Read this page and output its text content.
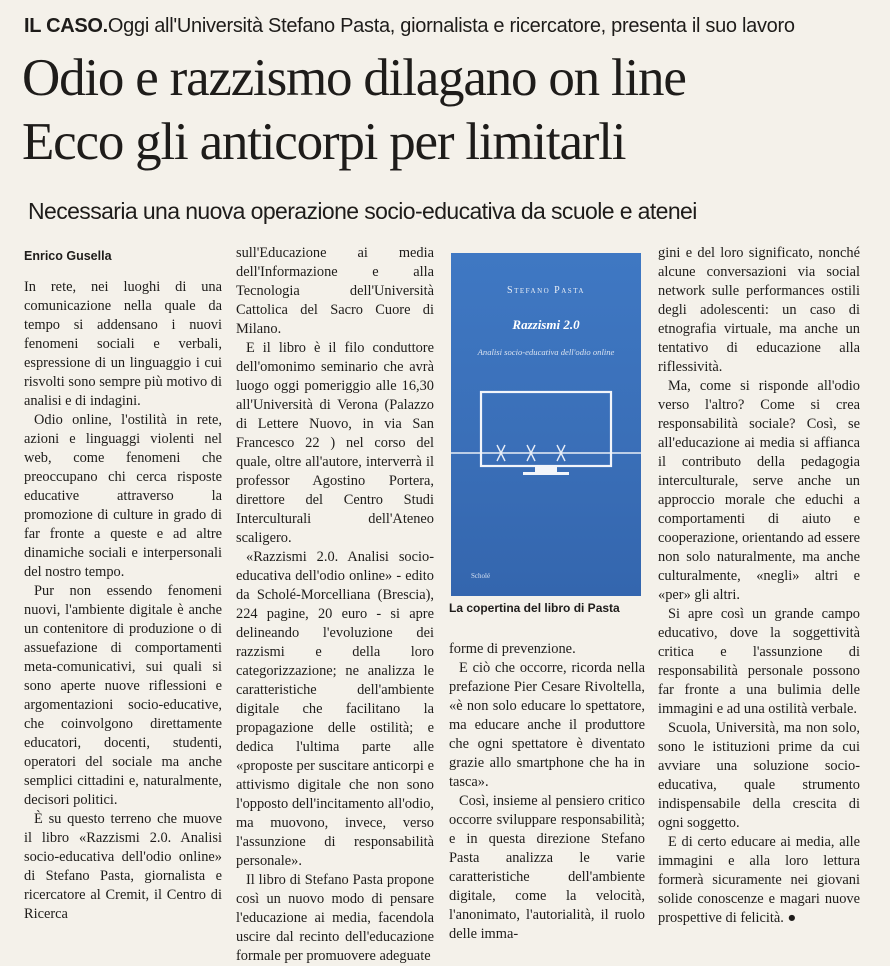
IL CASO.Oggi all'Università Stefano Pasta, giornalista e ricercatore, presenta il suo lavoro
Odio e razzismo dilagano on line
Ecco gli anticorpi per limitarli
Necessaria una nuova operazione socio-educativa da scuole e atenei
Enrico Gusella

In rete, nei luoghi di una comunicazione nella quale da tempo si addensano i nuovi fenomeni sociali e verbali, espressione di un linguaggio i cui risvolti sono sempre più motivo di analisi e di indagini.

Odio online, l'ostilità in rete, azioni e linguaggi violenti nel web, come fenomeni che preoccupano chi cerca risposte educative attraverso la promozione di culture in grado di far fronte a queste e ad altre dinamiche sociali e interpersonali del nostro tempo.

Pur non essendo fenomeni nuovi, l'ambiente digitale è anche un contenitore di produzione o di assuefazione di comportamenti meta-comunicativi, sui quali si sono aperte nuove riflessioni e argomentazioni socio-educative, che coinvolgono direttamente educatori, docenti, studenti, operatori del sociale ma anche semplici cittadini e, naturalmente, decisori politici.

È su questo terreno che muove il libro «Razzismi 2.0. Analisi socio-educativa dell'odio online» di Stefano Pasta, giornalista e ricercatore al Cremit, il Centro di Ricerca

sull'Educazione ai media dell'Informazione e alla Tecnologia dell'Università Cattolica del Sacro Cuore di Milano.

E il libro è il filo conduttore dell'omonimo seminario che avrà luogo oggi pomeriggio alle 16,30 all'Università di Verona (Palazzo di Lettere Nuovo, in via San Francesco 22 ) nel corso del quale, oltre all'autore, interverrà il professor Agostino Portera, direttore del Centro Studi Interculturali dell'Ateneo scaligero.

«Razzismi 2.0. Analisi socio-educativa dell'odio online» - edito da Scholé-Morcelliana (Brescia), 224 pagine, 20 euro - si apre delineando l'evoluzione dei razzismi e della loro categorizzazione; ne analizza le caratteristiche dell'ambiente digitale che facilitano la propagazione delle ostilità; e dedica l'ultima parte alle «proposte per suscitare anticorpi e attivismo digitale che non sono l'opposto dell'incitamento all'odio, ma muovono, invece, verso l'assunzione di responsabilità personale».

Il libro di Stefano Pasta propone così un nuovo modo di pensare l'educazione ai media, facendola uscire dal recinto dell'educazione formale per promuovere adeguate

Stefano Pasta
Razzismi 2.0
Analisi socio-educativa dell'odio online
Scholé
La copertina del libro di Pasta

forme di prevenzione.

E ciò che occorre, ricorda nella prefazione Pier Cesare Rivoltella, «è non solo educare lo spettatore, ma educare anche il produttore che ogni spettatore è diventato grazie allo smartphone che ha in tasca».

Così, insieme al pensiero critico occorre sviluppare responsabilità; e in questa direzione Stefano Pasta analizza le varie caratteristiche dell'ambiente digitale, come la velocità, l'anonimato, l'autorialità, il ruolo delle imma-

gini e del loro significato, nonché alcune conversazioni via social network sulle performances ostili degli adolescenti: un caso di etnografia virtuale, ma anche un tentativo di educazione alla riflessività.

Ma, come si risponde all'odio verso l'altro? Come si crea responsabilità sociale? Così, se all'educazione ai media si affianca il contributo della pedagogia interculturale, serve anche un approccio morale che educhi a comportamenti di aiuto e cooperazione, orientando ad essere non solo naturalmente, ma anche culturalmente, «negli» altri e «per» gli altri.

Si apre così un grande campo educativo, dove la soggettività critica e l'assunzione di responsabilità personale possono far fronte a una bulimia delle immagini e ad una ostilità verbale.

Scuola, Università, ma non solo, sono le istituzioni prime da cui avviare una soluzione socio-educativa, quale strumento indispensabile della crescita di ogni soggetto.

E di certo educare ai media, alle immagini e alla loro lettura formerà sicuramente nei giovani solide conoscenze e magari nuove prospettive di felicità. ●
